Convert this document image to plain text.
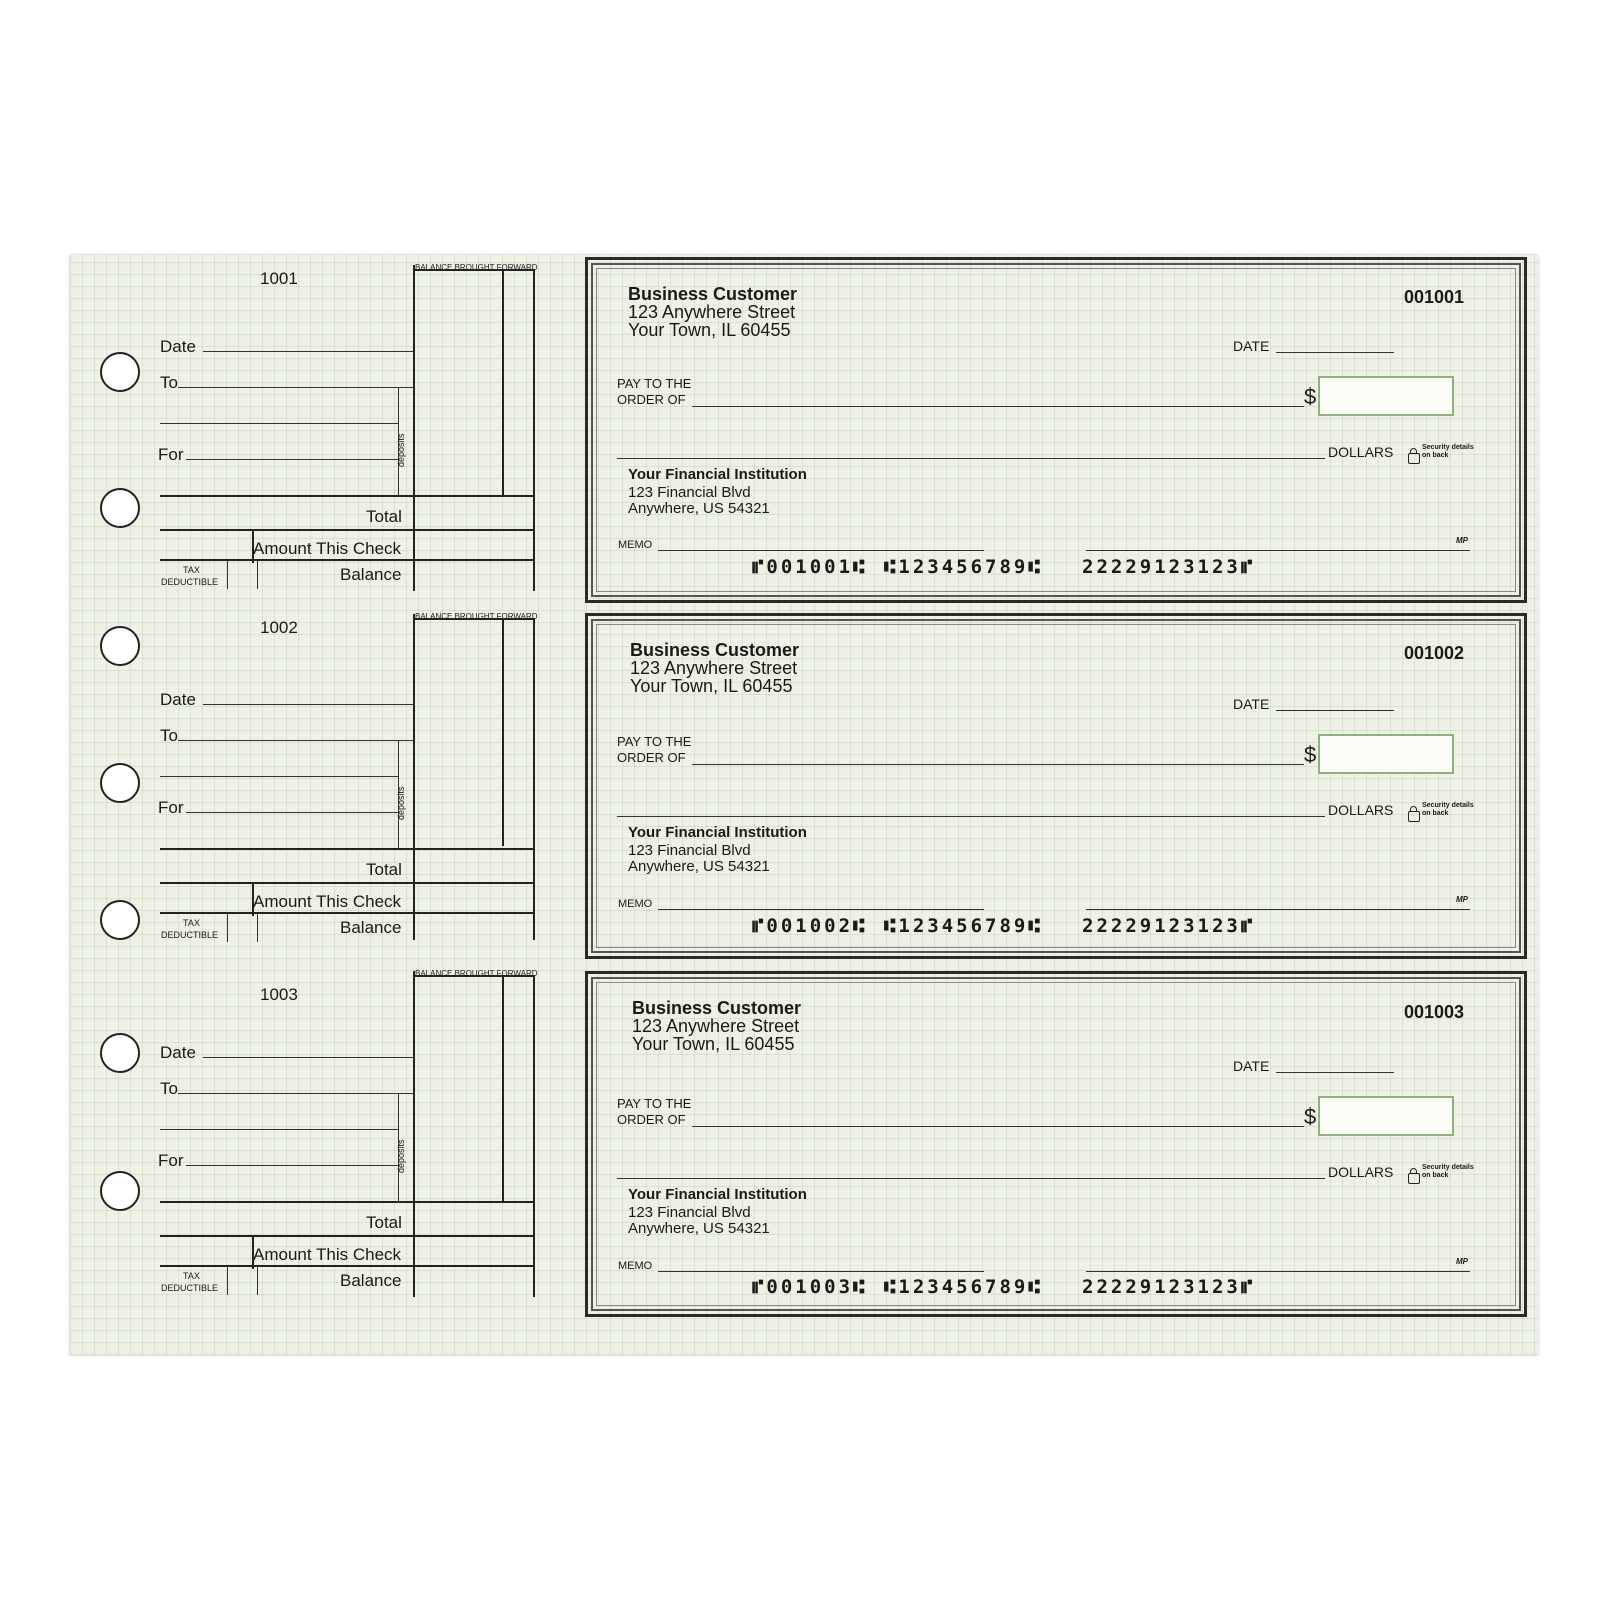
1001
BALANCE BROUGHT FORWARD
Date
To
For	deposits
Total
Amount This Check
Balance
TAX
DEDUCTIBLE
Business Customer
123 Anywhere Street
Your Town, IL 60455
001001
DATE
PAY TO THE
ORDER OF	$
DOLLARS	Security details
on back
Your Financial Institution
123 Financial Blvd
Anywhere, US 54321
MEMO	MP
⑈001001⑆ ⑆123456789⑆ 22229123123⑈
1002
BALANCE BROUGHT FORWARD
Date
To
For	deposits
Total
Amount This Check
Balance
TAX
DEDUCTIBLE
Business Customer
123 Anywhere Street
Your Town, IL 60455
001002
DATE
PAY TO THE
ORDER OF	$
DOLLARS	Security details
on back
Your Financial Institution
123 Financial Blvd
Anywhere, US 54321
MEMO	MP
⑈001002⑆ ⑆123456789⑆ 22229123123⑈
1003
BALANCE BROUGHT FORWARD
Date
To
For	deposits
Total
Amount This Check
Balance
TAX
DEDUCTIBLE
Business Customer
123 Anywhere Street
Your Town, IL 60455
001003
DATE
PAY TO THE
ORDER OF	$
DOLLARS	Security details
on back
Your Financial Institution
123 Financial Blvd
Anywhere, US 54321
MEMO	MP
⑈001003⑆ ⑆123456789⑆ 22229123123⑈
